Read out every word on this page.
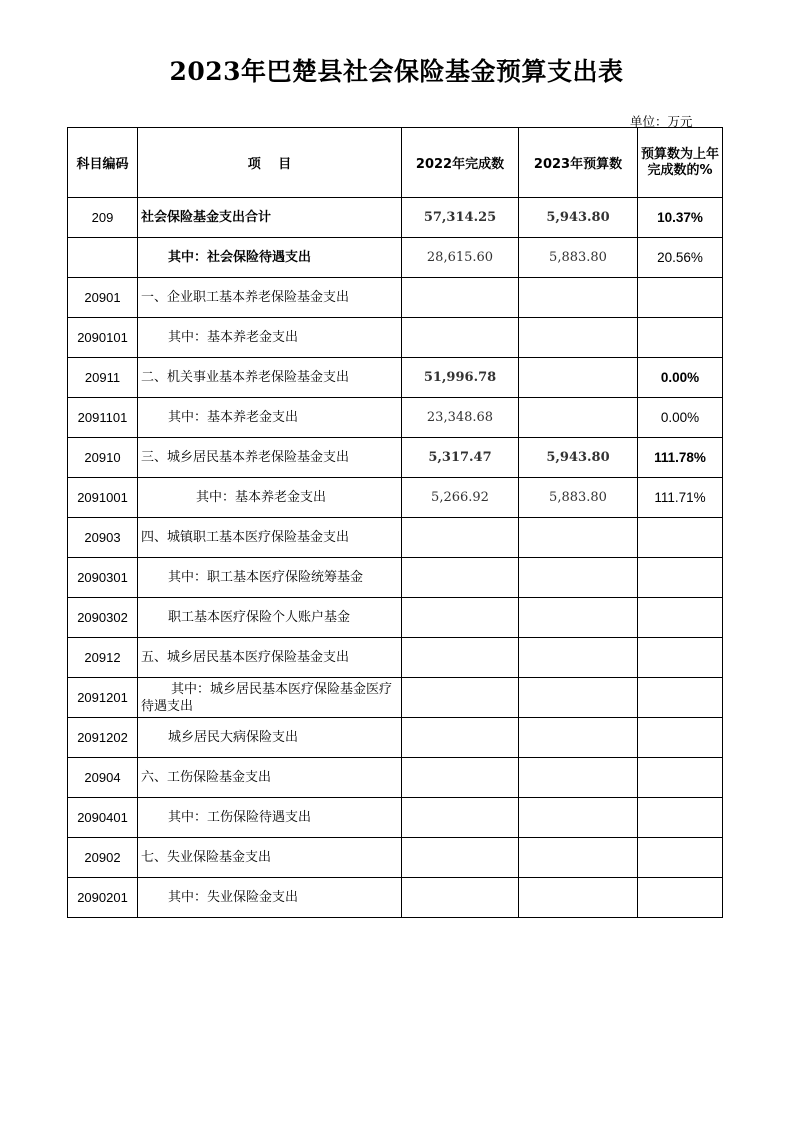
2023年巴楚县社会保险基金预算支出表
单位：万元
科目编码	项　 目	2022年完成数	2023年预算数	预算数为上年完成数的%
209	社会保险基金支出合计	57,314.25	5,943.80	10.37%
	其中：社会保险待遇支出	28,615.60	5,883.80	20.56%
20901	一、企业职工基本养老保险基金支出			
2090101	其中：基本养老金支出			
20911	二、机关事业基本养老保险基金支出	51,996.78		0.00%
2091101	其中：基本养老金支出	23,348.68		0.00%
20910	三、城乡居民基本养老保险基金支出	5,317.47	5,943.80	111.78%
2091001	其中：基本养老金支出	5,266.92	5,883.80	111.71%
20903	四、城镇职工基本医疗保险基金支出			
2090301	其中：职工基本医疗保险统筹基金			
2090302	职工基本医疗保险个人账户基金			
20912	五、城乡居民基本医疗保险基金支出			
2091201	其中：城乡居民基本医疗保险基金医疗待遇支出			
2091202	城乡居民大病保险支出			
20904	六、工伤保险基金支出			
2090401	其中：工伤保险待遇支出			
20902	七、失业保险基金支出			
2090201	其中：失业保险金支出			
